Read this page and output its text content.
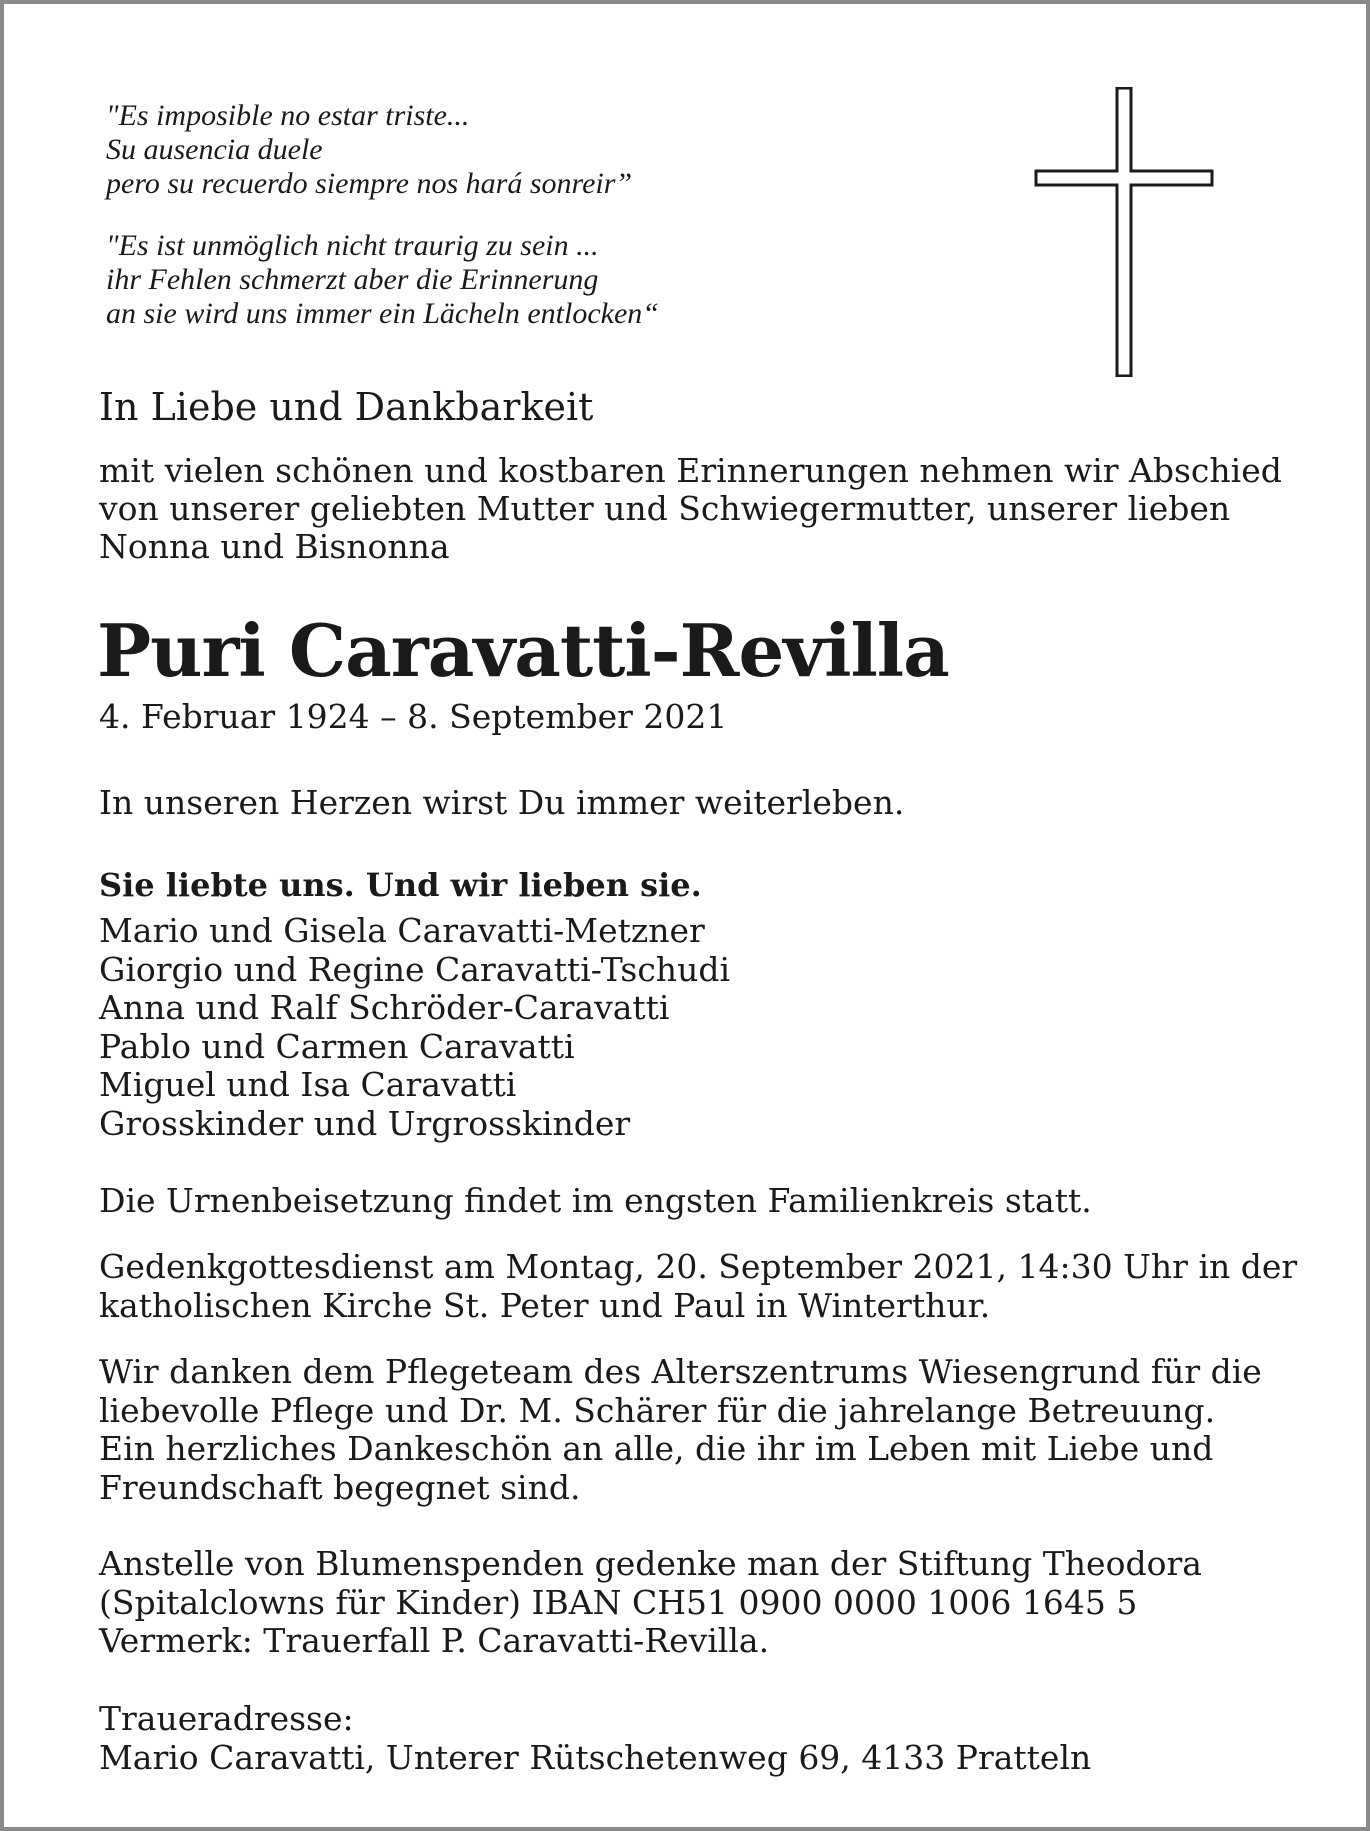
"Es imposible no estar triste...
Su ausencia duele
pero su recuerdo siempre nos hará sonreir”
"Es ist unmöglich nicht traurig zu sein ...
ihr Fehlen schmerzt aber die Erinnerung
an sie wird uns immer ein Lächeln entlocken“
In Liebe und Dankbarkeit
mit vielen schönen und kostbaren Erinnerungen nehmen wir Abschied
von unserer geliebten Mutter und Schwiegermutter, unserer lieben
Nonna und Bisnonna
Puri Caravatti-Revilla
4. Februar 1924 – 8. September 2021
In unseren Herzen wirst Du immer weiterleben.
Sie liebte uns. Und wir lieben sie.
Mario und Gisela Caravatti-Metzner
Giorgio und Regine Caravatti-Tschudi
Anna und Ralf Schröder-Caravatti
Pablo und Carmen Caravatti
Miguel und Isa Caravatti
Grosskinder und Urgrosskinder
Die Urnenbeisetzung findet im engsten Familienkreis statt.
Gedenkgottesdienst am Montag, 20. September 2021, 14:30 Uhr in der
katholischen Kirche St. Peter und Paul in Winterthur.
Wir danken dem Pflegeteam des Alterszentrums Wiesengrund für die
liebevolle Pflege und Dr. M. Schärer für die jahrelange Betreuung.
Ein herzliches Dankeschön an alle, die ihr im Leben mit Liebe und
Freundschaft begegnet sind.
Anstelle von Blumenspenden gedenke man der Stiftung Theodora
(Spitalclowns für Kinder) IBAN CH51 0900 0000 1006 1645 5
Vermerk: Trauerfall P. Caravatti-Revilla.
Traueradresse:
Mario Caravatti, Unterer Rütschetenweg 69, 4133 Pratteln
